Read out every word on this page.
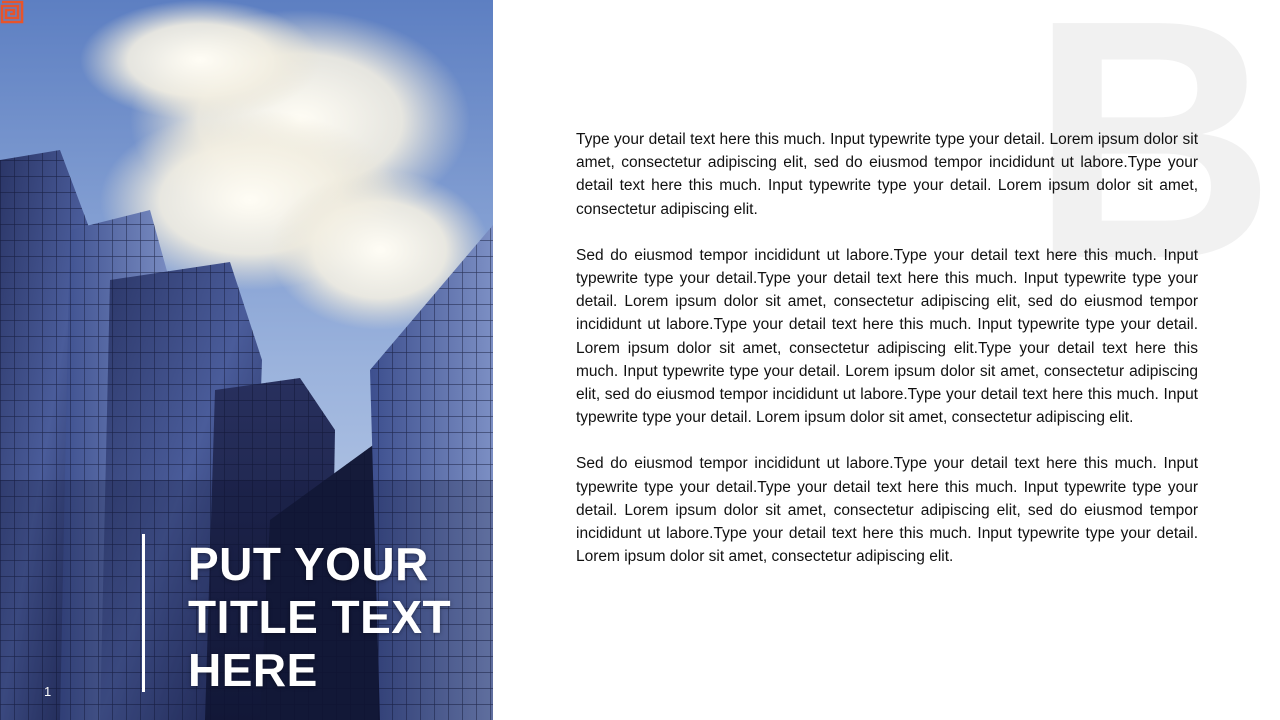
PUT YOUR
TITLE TEXT
HERE
1
B

Type your detail text here this much. Input typewrite type your detail. Lorem ipsum dolor sit amet, consectetur adipiscing elit, sed do eiusmod tempor incididunt ut labore.Type your detail text here this much. Input typewrite type your detail. Lorem ipsum dolor sit amet, consectetur adipiscing elit.

Sed do eiusmod tempor incididunt ut labore.Type your detail text here this much. Input typewrite type your detail.Type your detail text here this much. Input typewrite type your detail. Lorem ipsum dolor sit amet, consectetur adipiscing elit, sed do eiusmod tempor incididunt ut labore.Type your detail text here this much. Input typewrite type your detail. Lorem ipsum dolor sit amet, consectetur adipiscing elit.Type your detail text here this much. Input typewrite type your detail. Lorem ipsum dolor sit amet, consectetur adipiscing elit, sed do eiusmod tempor incididunt ut labore.Type your detail text here this much. Input typewrite type your detail. Lorem ipsum dolor sit amet, consectetur adipiscing elit.

Sed do eiusmod tempor incididunt ut labore.Type your detail text here this much. Input typewrite type your detail.Type your detail text here this much. Input typewrite type your detail. Lorem ipsum dolor sit amet, consectetur adipiscing elit, sed do eiusmod tempor incididunt ut labore.Type your detail text here this much. Input typewrite type your detail. Lorem ipsum dolor sit amet, consectetur adipiscing elit.
